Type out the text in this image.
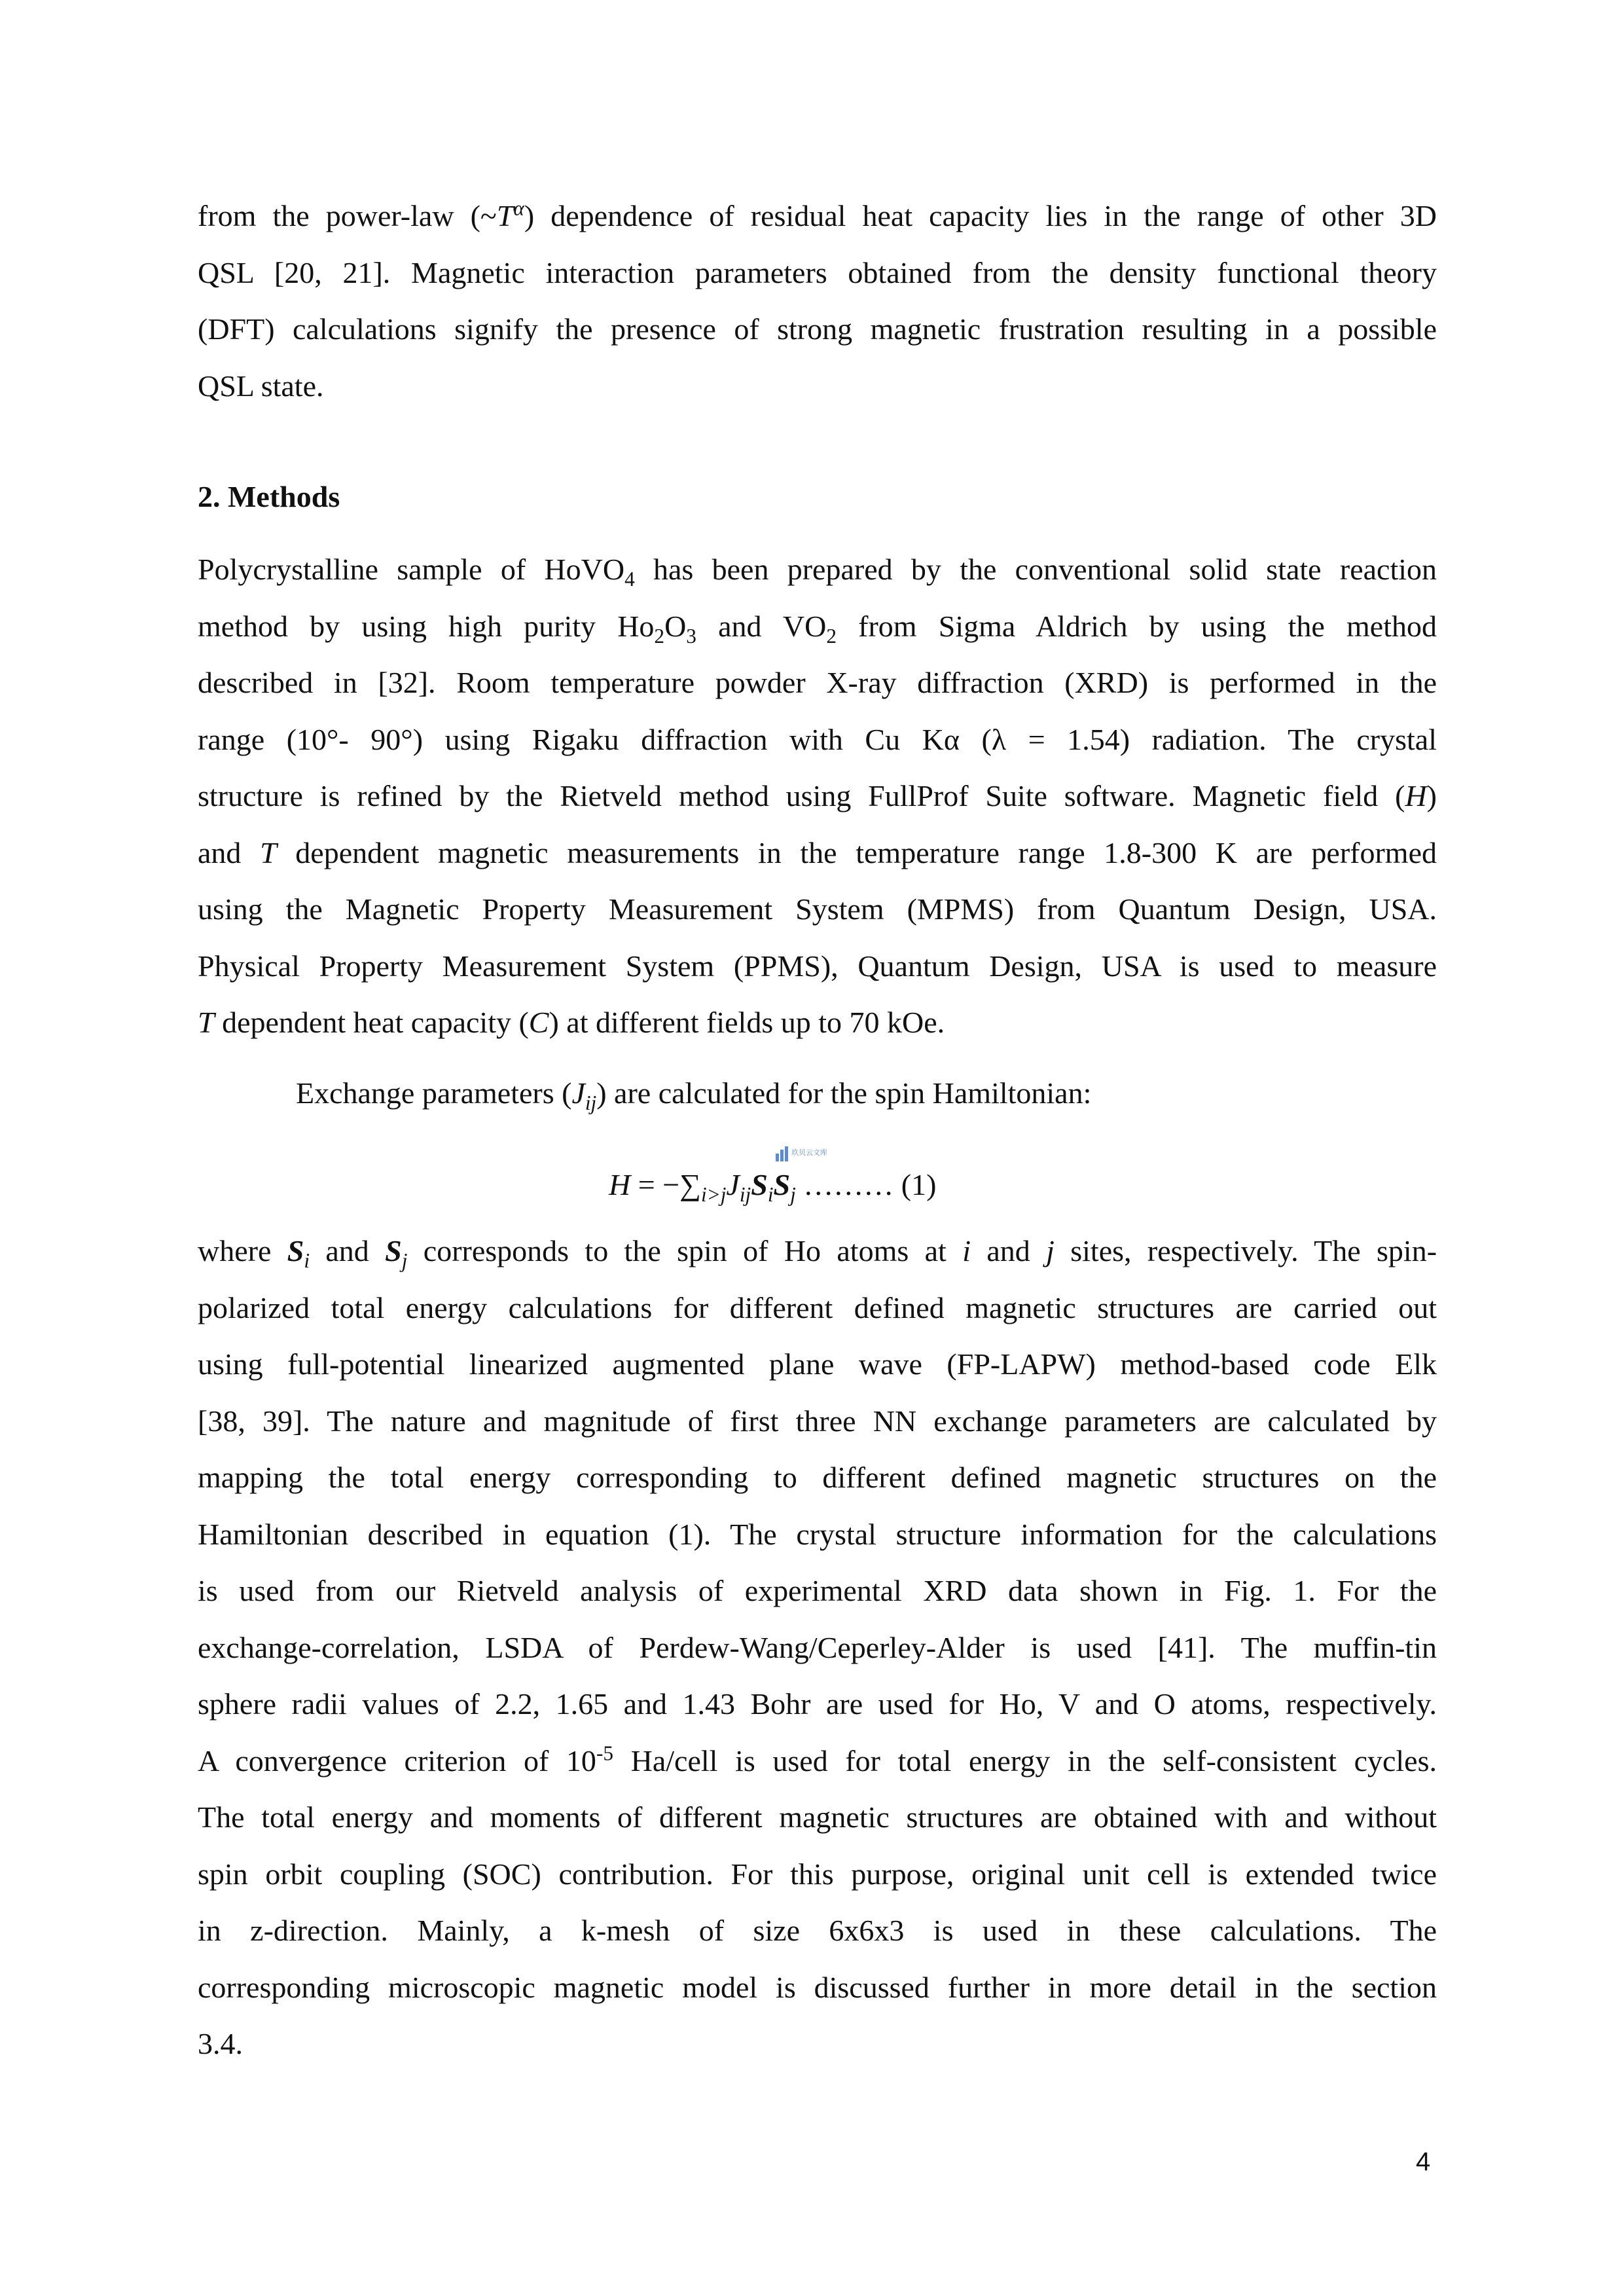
from the power-law $(\sim T^\alpha)$ dependence of residual heat capacity lies in the range of other 3D
QSL [20, 21]. Magnetic interaction parameters obtained from the density functional theory
(DFT) calculations signify the presence of strong magnetic frustration resulting in a possible
QSL state.

2. Methods

Polycrystalline sample of HoVO$_4$ has been prepared by the conventional solid state reaction
method by using high purity $Ho_2O_3$ and $VO_2$ from Sigma Aldrich by using the method
described in [32]. Room temperature powder X-ray diffraction (XRD) is performed in the
range (10°- 90°) using Rigaku diffraction with Cu Kα (λ = 1.54) radiation. The crystal
structure is refined by the Rietveld method using FullProf Suite software. Magnetic field (H)
and T dependent magnetic measurements in the temperature range 1.8-300 K are performed
using the Magnetic Property Measurement System (MPMS) from Quantum Design, USA.
Physical Property Measurement System (PPMS), Quantum Design, USA is used to measure
T dependent heat capacity (C) at different fields up to 70 kOe.

Exchange parameters $(J_{ij})$ are calculated for the spin Hamiltonian:
玖贝云文库
$H = -\sum_{i>j}J_{ij}S_iS_j$ ……… (1)

where $S_i$ and $S_j$ corresponds to the spin of Ho atoms at i and j sites, respectively. The spin-
polarized total energy calculations for different defined magnetic structures are carried out
using full-potential linearized augmented plane wave (FP-LAPW) method-based code Elk
[38, 39]. The nature and magnitude of first three NN exchange parameters are calculated by
mapping the total energy corresponding to different defined magnetic structures on the
Hamiltonian described in equation (1). The crystal structure information for the calculations
is used from our Rietveld analysis of experimental XRD data shown in Fig. 1. For the
exchange-correlation, LSDA of Perdew-Wang/Ceperley-Alder is used [41]. The muffin-tin
sphere radii values of 2.2, 1.65 and 1.43 Bohr are used for Ho, V and O atoms, respectively.
A convergence criterion of $10^{-5}$ Ha/cell is used for total energy in the self-consistent cycles.
The total energy and moments of different magnetic structures are obtained with and without
spin orbit coupling (SOC) contribution. For this purpose, original unit cell is extended twice
in z-direction. Mainly, a k-mesh of size 6x6x3 is used in these calculations. The
corresponding microscopic magnetic model is discussed further in more detail in the section
3.4.

4
